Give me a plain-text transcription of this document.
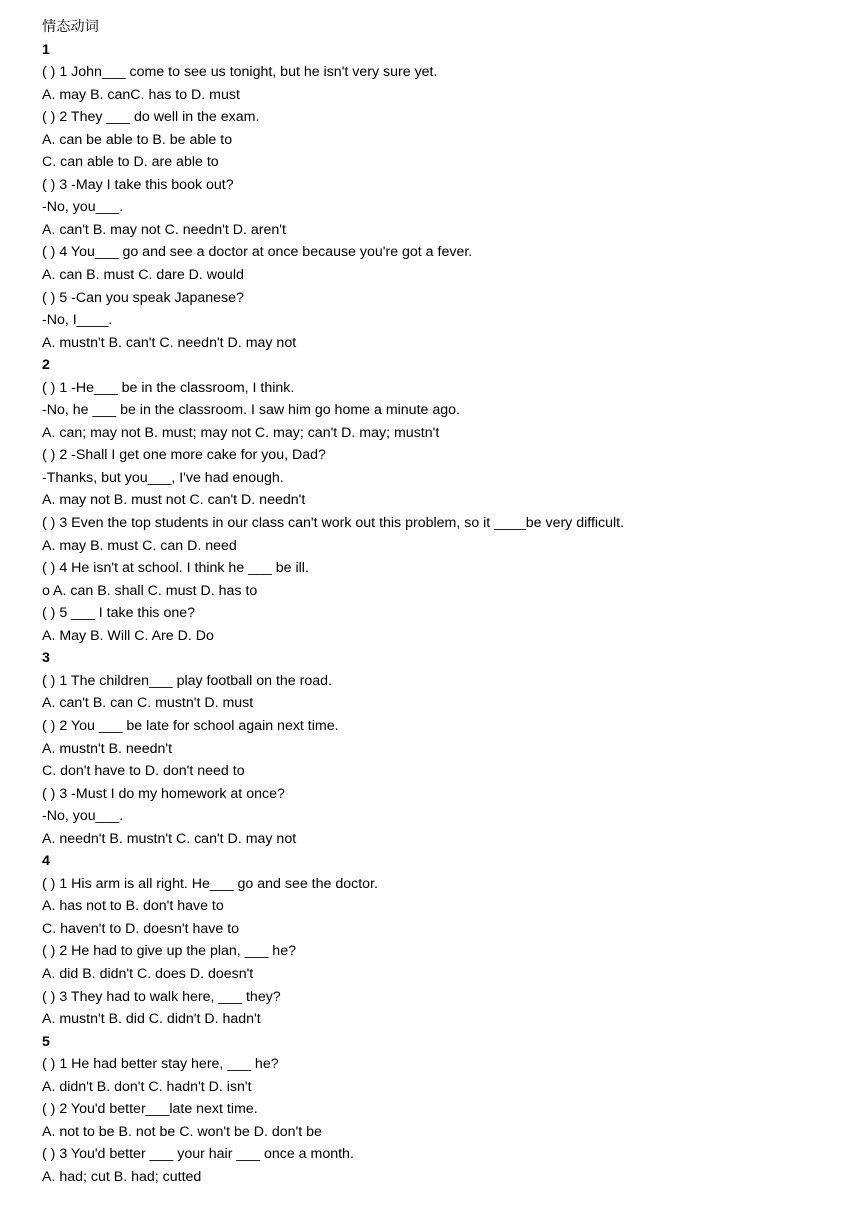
情态动词
1
( ) 1 John___ come to see us tonight, but he isn't very sure yet.
A. may B. canC. has to D. must
( ) 2 They ___ do well in the exam.
A. can be able to B. be able to
C. can able to D. are able to
( ) 3 -May I take this book out?
-No, you___.
A. can't B. may not C. needn't D. aren't
( ) 4 You___ go and see a doctor at once because you're got a fever.
A. can B. must C. dare D. would
( ) 5 -Can you speak Japanese?
-No, I____.
A. mustn't B. can't C. needn't D. may not
2
( ) 1 -He___ be in the classroom, I think.
-No, he ___ be in the classroom. I saw him go home a minute ago.
A. can; may not B. must; may not C. may; can't D. may; mustn't
( ) 2 -Shall I get one more cake for you, Dad?
-Thanks, but you___, I've had enough.
A. may not B. must not C. can't D. needn't
( ) 3 Even the top students in our class can't work out this problem, so it ____be very difficult.
A. may B. must C. can D. need
( ) 4 He isn't at school. I think he ___ be ill.
o A. can B. shall C. must D. has to
( ) 5 ___ I take this one?
A. May B. Will C. Are D. Do
3
( ) 1 The children___ play football on the road.
A. can't B. can C. mustn't D. must
( ) 2 You ___ be late for school again next time.
A. mustn't B. needn't
C. don't have to D. don't need to
( ) 3 -Must I do my homework at once?
-No, you___.
A. needn't B. mustn't C. can't D. may not
4
( ) 1 His arm is all right. He___ go and see the doctor.
A. has not to B. don't have to
C. haven't to D. doesn't have to
( ) 2 He had to give up the plan, ___ he?
A. did B. didn't C. does D. doesn't
( ) 3 They had to walk here, ___ they?
A. mustn't B. did C. didn't D. hadn't
5
( ) 1 He had better stay here, ___ he?
A. didn't B. don't C. hadn't D. isn't
( ) 2 You'd better___late next time.
A. not to be B. not be C. won't be D. don't be
( ) 3 You'd better ___ your hair ___ once a month.
A. had; cut B. had; cutted
